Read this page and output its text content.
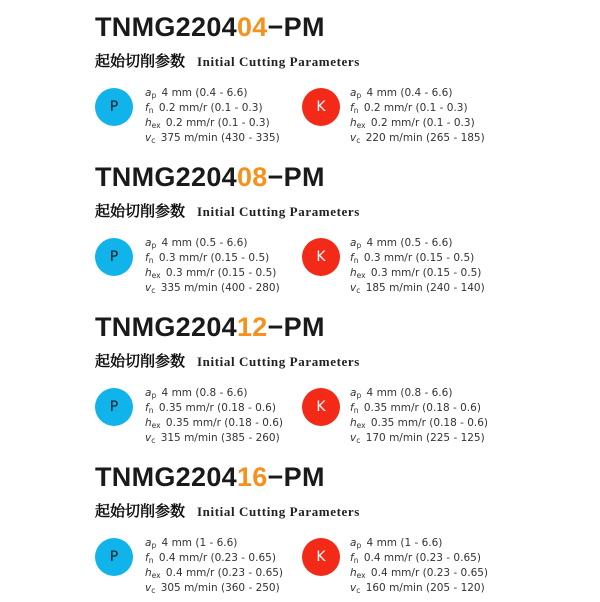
TNMG220404−PM
起始切削参数 Initial Cutting Parameters
P
ap 4 mm (0.4 - 6.6)
fn 0.2 mm/r (0.1 - 0.3)
hex 0.2 mm/r (0.1 - 0.3)
vc 375 m/min (430 - 335)
K
ap 4 mm (0.4 - 6.6)
fn 0.2 mm/r (0.1 - 0.3)
hex 0.2 mm/r (0.1 - 0.3)
vc 220 m/min (265 - 185)
TNMG220408−PM
起始切削参数 Initial Cutting Parameters
P
ap 4 mm (0.5 - 6.6)
fn 0.3 mm/r (0.15 - 0.5)
hex 0.3 mm/r (0.15 - 0.5)
vc 335 m/min (400 - 280)
K
ap 4 mm (0.5 - 6.6)
fn 0.3 mm/r (0.15 - 0.5)
hex 0.3 mm/r (0.15 - 0.5)
vc 185 m/min (240 - 140)
TNMG220412−PM
起始切削参数 Initial Cutting Parameters
P
ap 4 mm (0.8 - 6.6)
fn 0.35 mm/r (0.18 - 0.6)
hex 0.35 mm/r (0.18 - 0.6)
vc 315 m/min (385 - 260)
K
ap 4 mm (0.8 - 6.6)
fn 0.35 mm/r (0.18 - 0.6)
hex 0.35 mm/r (0.18 - 0.6)
vc 170 m/min (225 - 125)
TNMG220416−PM
起始切削参数 Initial Cutting Parameters
P
ap 4 mm (1 - 6.6)
fn 0.4 mm/r (0.23 - 0.65)
hex 0.4 mm/r (0.23 - 0.65)
vc 305 m/min (360 - 250)
K
ap 4 mm (1 - 6.6)
fn 0.4 mm/r (0.23 - 0.65)
hex 0.4 mm/r (0.23 - 0.65)
vc 160 m/min (205 - 120)
